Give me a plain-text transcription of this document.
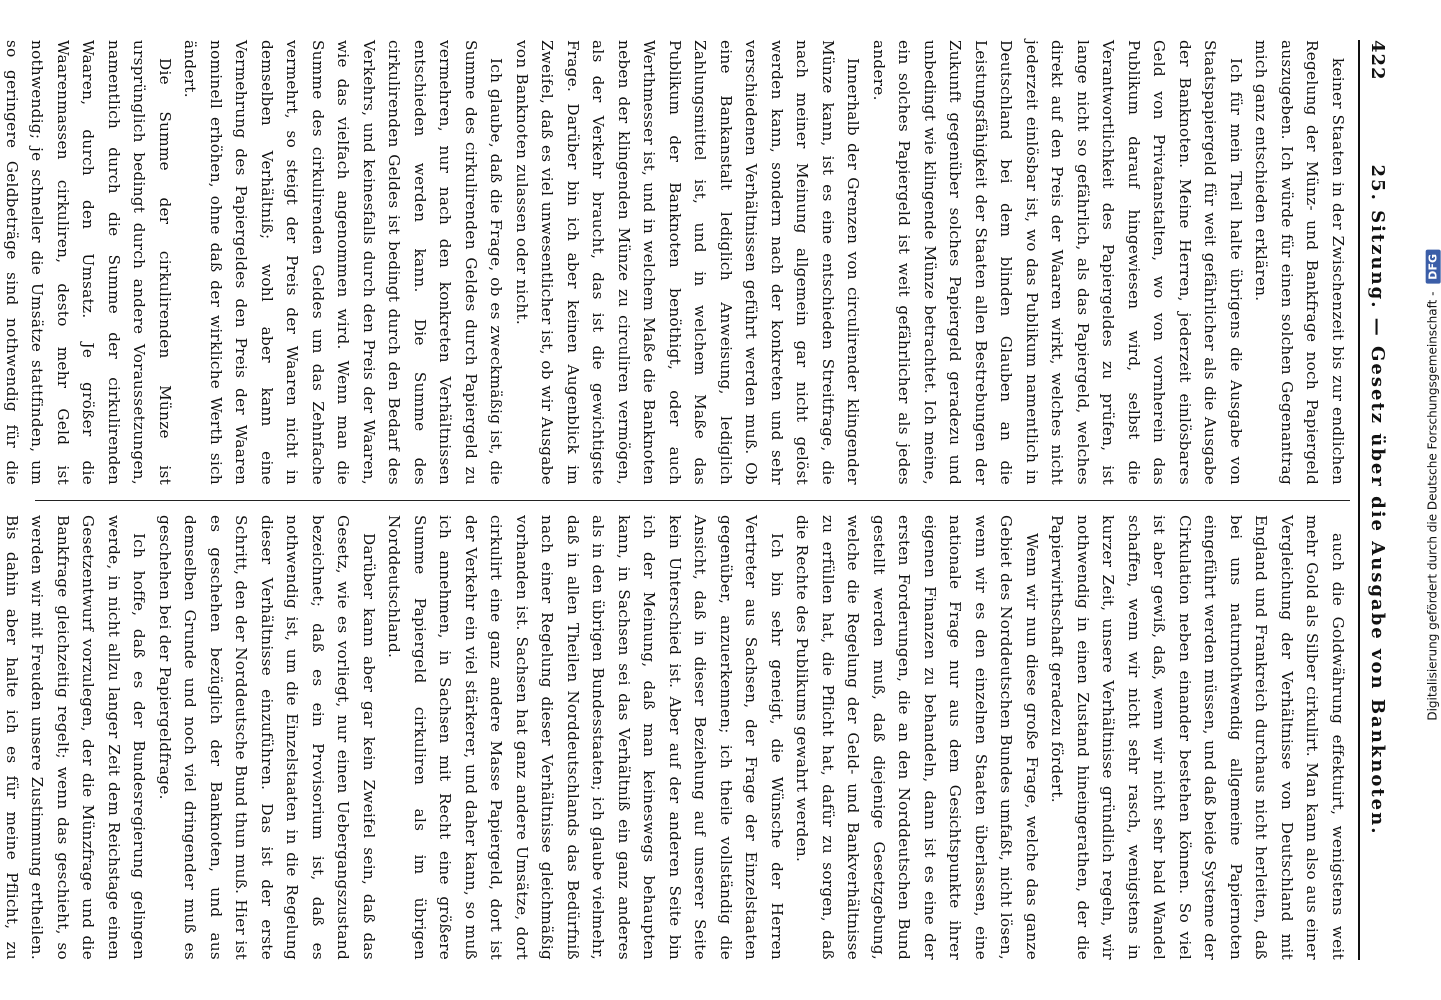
422
25. Sitzung. — Gesetz über die Ausgabe von Banknoten.

keiner Staaten in der Zwischenzeit bis zur endlichen Regelung der Münz- und Bankfrage noch Papiergeld auszugeben. Ich würde für einen solchen Gegenantrag mich ganz entschieden erklären.

Ich für mein Theil halte übrigens die Ausgabe von Staatspapiergeld für weit gefährlicher als die Ausgabe der Banknoten. Meine Herren, jederzeit einlösbares Geld von Privatanstalten, wo von vornherein das Publikum darauf hingewiesen wird, selbst die Verantwortlichkeit des Papiergeldes zu prüfen, ist lange nicht so gefährlich, als das Papiergeld, welches direkt auf den Preis der Waaren wirkt, welches nicht jederzeit einlösbar ist, wo das Publikum namentlich in Deutschland bei dem blinden Glauben an die Leistungsfähigkeit der Staaten allen Bestrebungen der Zukunft gegenüber solches Papiergeld geradezu und unbedingt wie klingende Münze betrachtet. Ich meine, ein solches Papiergeld ist weit gefährlicher als jedes andere.

Innerhalb der Grenzen von circulirender klingender Münze kann, ist es eine entschieden Streitfrage, die nach meiner Meinung allgemein gar nicht gelöst werden kann, sondern nach der konkreten und sehr verschiedenen Verhältnissen geführt werden muß. Ob eine Bankanstalt lediglich Anweisung, lediglich Zahlungsmittel ist, und in welchem Maße das Publikum der Banknoten benöthigt, oder auch Werthmesser ist, und in welchem Maße die Banknoten neben der klingenden Münze zu circuliren vermögen, als der Verkehr braucht, das ist die gewichtigste Frage. Darüber bin ich aber keinen Augenblick im Zweifel, daß es viel unwesentlicher ist, ob wir Ausgabe von Banknoten zulassen oder nicht.

Ich glaube, daß die Frage, ob es zweckmäßig ist, die Summe des cirkulirenden Geldes durch Papiergeld zu vermehren, nur nach den konkreten Verhältnissen entschieden werden kann. Die Summe des cirkulirenden Geldes ist bedingt durch den Bedarf des Verkehrs, und keinesfalls durch den Preis der Waaren, wie das vielfach angenommen wird. Wenn man die Summe des cirkulirenden Geldes um das Zehnfache vermehrt, so steigt der Preis der Waaren nicht in demselben Verhältniß; wohl aber kann eine Vermehrung des Papiergeldes den Preis der Waaren nominell erhöhen, ohne daß der wirkliche Werth sich ändert.

Die Summe der cirkulirenden Münze ist ursprünglich bedingt durch andere Voraussetzungen, namentlich durch die Summe der cirkulirenden Waaren, durch den Umsatz. Je größer die Waarenmassen cirkuliren, desto mehr Geld ist nothwendig; je schneller die Umsätze stattfinden, um so geringere Geldbeträge sind nothwendig für die

auch die Goldwährung effektuirt, wenigstens weit mehr Gold als Silber cirkulirt. Man kann also aus einer Vergleichung der Verhältnisse von Deutschland mit England und Frankreich durchaus nicht herleiten, daß bei uns naturnothwendig allgemeine Papiernoten eingeführt werden müssen, und daß beide Systeme der Cirkulation neben einander bestehen können. So viel ist aber gewiß, daß, wenn wir nicht sehr bald Wandel schaffen, wenn wir nicht sehr rasch, wenigstens in kurzer Zeit, unsere Verhältnisse gründlich regeln, wir nothwendig in einen Zustand hineingerathen, der die Papierwirthschaft geradezu fördert.

Wenn wir nun diese große Frage, welche das ganze Gebiet des Norddeutschen Bundes umfaßt, nicht lösen, wenn wir es den einzelnen Staaten überlassen, eine nationale Frage nur aus dem Gesichtspunkte ihrer eigenen Finanzen zu behandeln, dann ist es eine der ersten Forderungen, die an den Norddeutschen Bund gestellt werden muß, daß diejenige Gesetzgebung, welche die Regelung der Geld- und Bankverhältnisse zu erfüllen hat, die Pflicht hat, dafür zu sorgen, daß die Rechte des Publikums gewahrt werden.

Ich bin sehr geneigt, die Wünsche der Herren Vertreter aus Sachsen, der Frage der Einzelstaaten gegenüber, anzuerkennen; ich theile vollständig die Ansicht, daß in dieser Beziehung auf unserer Seite kein Unterschied ist. Aber auf der anderen Seite bin ich der Meinung, daß man keineswegs behaupten kann, in Sachsen sei das Verhältniß ein ganz anderes als in den übrigen Bundesstaaten; ich glaube vielmehr, daß in allen Theilen Norddeutschlands das Bedürfniß nach einer Regelung dieser Verhältnisse gleichmäßig vorhanden ist. Sachsen hat ganz andere Umsätze, dort cirkulirt eine ganz andere Masse Papiergeld, dort ist der Verkehr ein viel stärkerer, und daher kann, so muß ich annehmen, in Sachsen mit Recht eine größere Summe Papiergeld cirkuliren als im übrigen Norddeutschland.

Darüber kann aber gar kein Zweifel sein, daß das Gesetz, wie es vorliegt, nur einen Uebergangszustand bezeichnet; daß es ein Provisorium ist, daß es nothwendig ist, um die Einzelstaaten in die Regelung dieser Verhältnisse einzuführen. Das ist der erste Schritt, den der Norddeutsche Bund thun muß. Hier ist es geschehen bezüglich der Banknoten, und aus demselben Grunde und noch viel dringender muß es geschehen bei der Papiergeldfrage.

Ich hoffe, daß es der Bundesregierung gelingen werde, in nicht allzu langer Zeit dem Reichstage einen Gesetzentwurf vorzulegen, der die Münzfrage und die Bankfrage gleichzeitig regelt; wenn das geschieht, so werden wir mit Freuden unsere Zustimmung ertheilen. Bis dahin aber halte ich es für meine Pflicht, zu

Digitalisierung gefördert durch die Deutsche Forschungsgemeinschaft - DFG
